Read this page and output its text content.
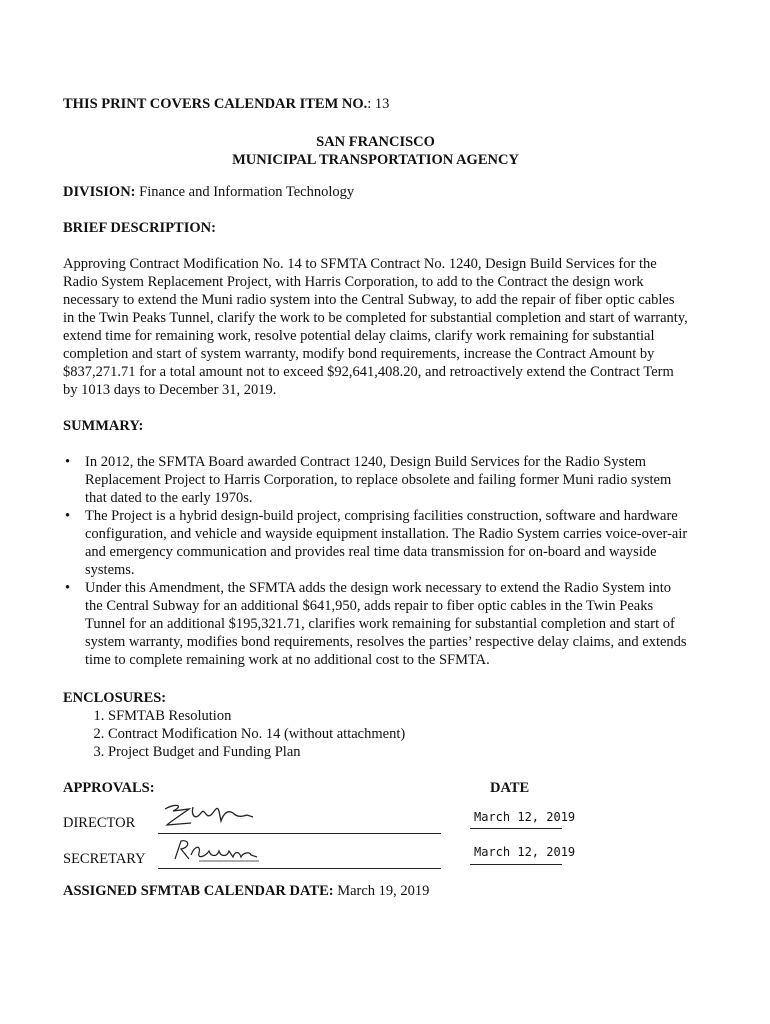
THIS PRINT COVERS CALENDAR ITEM NO.: 13

SAN FRANCISCO
MUNICIPAL TRANSPORTATION AGENCY

DIVISION: Finance and Information Technology

BRIEF DESCRIPTION:

Approving Contract Modification No. 14 to SFMTA Contract No. 1240, Design Build Services for the Radio System Replacement Project, with Harris Corporation, to add to the Contract the design work necessary to extend the Muni radio system into the Central Subway, to add the repair of fiber optic cables in the Twin Peaks Tunnel, clarify the work to be completed for substantial completion and start of warranty, extend time for remaining work, resolve potential delay claims, clarify work remaining for substantial completion and start of system warranty, modify bond requirements, increase the Contract Amount by $837,271.71 for a total amount not to exceed $92,641,408.20, and retroactively extend the Contract Term by 1013 days to December 31, 2019.

SUMMARY:

• In 2012, the SFMTA Board awarded Contract 1240, Design Build Services for the Radio System Replacement Project to Harris Corporation, to replace obsolete and failing former Muni radio system that dated to the early 1970s.
• The Project is a hybrid design-build project, comprising facilities construction, software and hardware configuration, and vehicle and wayside equipment installation. The Radio System carries voice-over-air and emergency communication and provides real time data transmission for on-board and wayside systems.
• Under this Amendment, the SFMTA adds the design work necessary to extend the Radio System into the Central Subway for an additional $641,950, adds repair to fiber optic cables in the Twin Peaks Tunnel for an additional $195,321.71, clarifies work remaining for substantial completion and start of system warranty, modifies bond requirements, resolves the parties’ respective delay claims, and extends time to complete remaining work at no additional cost to the SFMTA.

ENCLOSURES:

1. SFMTAB Resolution
2. Contract Modification No. 14 (without attachment)
3. Project Budget and Funding Plan
APPROVALS:	DATE
DIRECTOR	March 12, 2019
SECRETARY	March 12, 2019

ASSIGNED SFMTAB CALENDAR DATE: March 19, 2019
